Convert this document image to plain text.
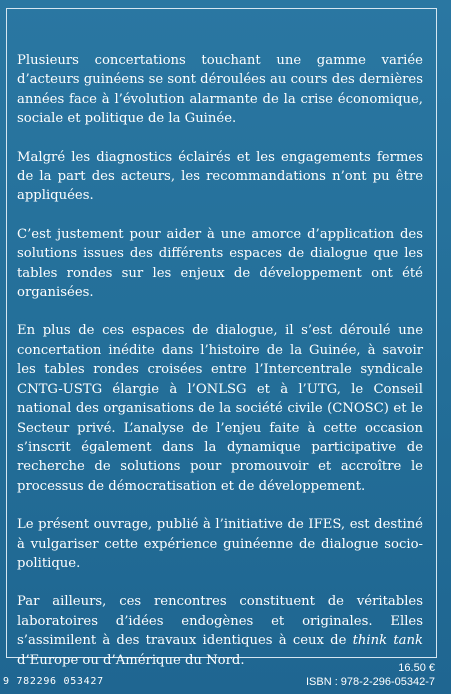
Plusieurs concertations touchant une gamme variée d’acteurs guinéens se sont déroulées au cours des dernières années face à l’évolution alarmante de la crise économique, sociale et politique de la Guinée.

Malgré les diagnostics éclairés et les engagements fermes de la part des acteurs, les recommandations n’ont pu être appliquées.

C’est justement pour aider à une amorce d’application des solutions issues des différents espaces de dialogue que les tables rondes sur les enjeux de développement ont été organisées.

En plus de ces espaces de dialogue, il s’est déroulé une concertation inédite dans l’histoire de la Guinée, à savoir les tables rondes croisées entre l’Intercentrale syndicale CNTG-USTG élargie à l’ONLSG et à l’UTG, le Conseil national des organisations de la société civile (CNOSC) et le Secteur privé. L’analyse de l’enjeu faite à cette occasion s’inscrit également dans la dynamique participative de recherche de solutions pour promouvoir et accroître le processus de démocratisation et de développement.

Le présent ouvrage, publié à l’initiative de IFES, est destiné à vulgariser cette expérience guinéenne de dialogue socio-politique.

Par ailleurs, ces rencontres constituent de véritables laboratoires d’idées endogènes et originales. Elles s’assimilent à des travaux identiques à ceux de think tank d’Europe ou d’Amérique du Nord.

16.50 €
ISBN : 978-2-296-05342-7
9 782296 053427
